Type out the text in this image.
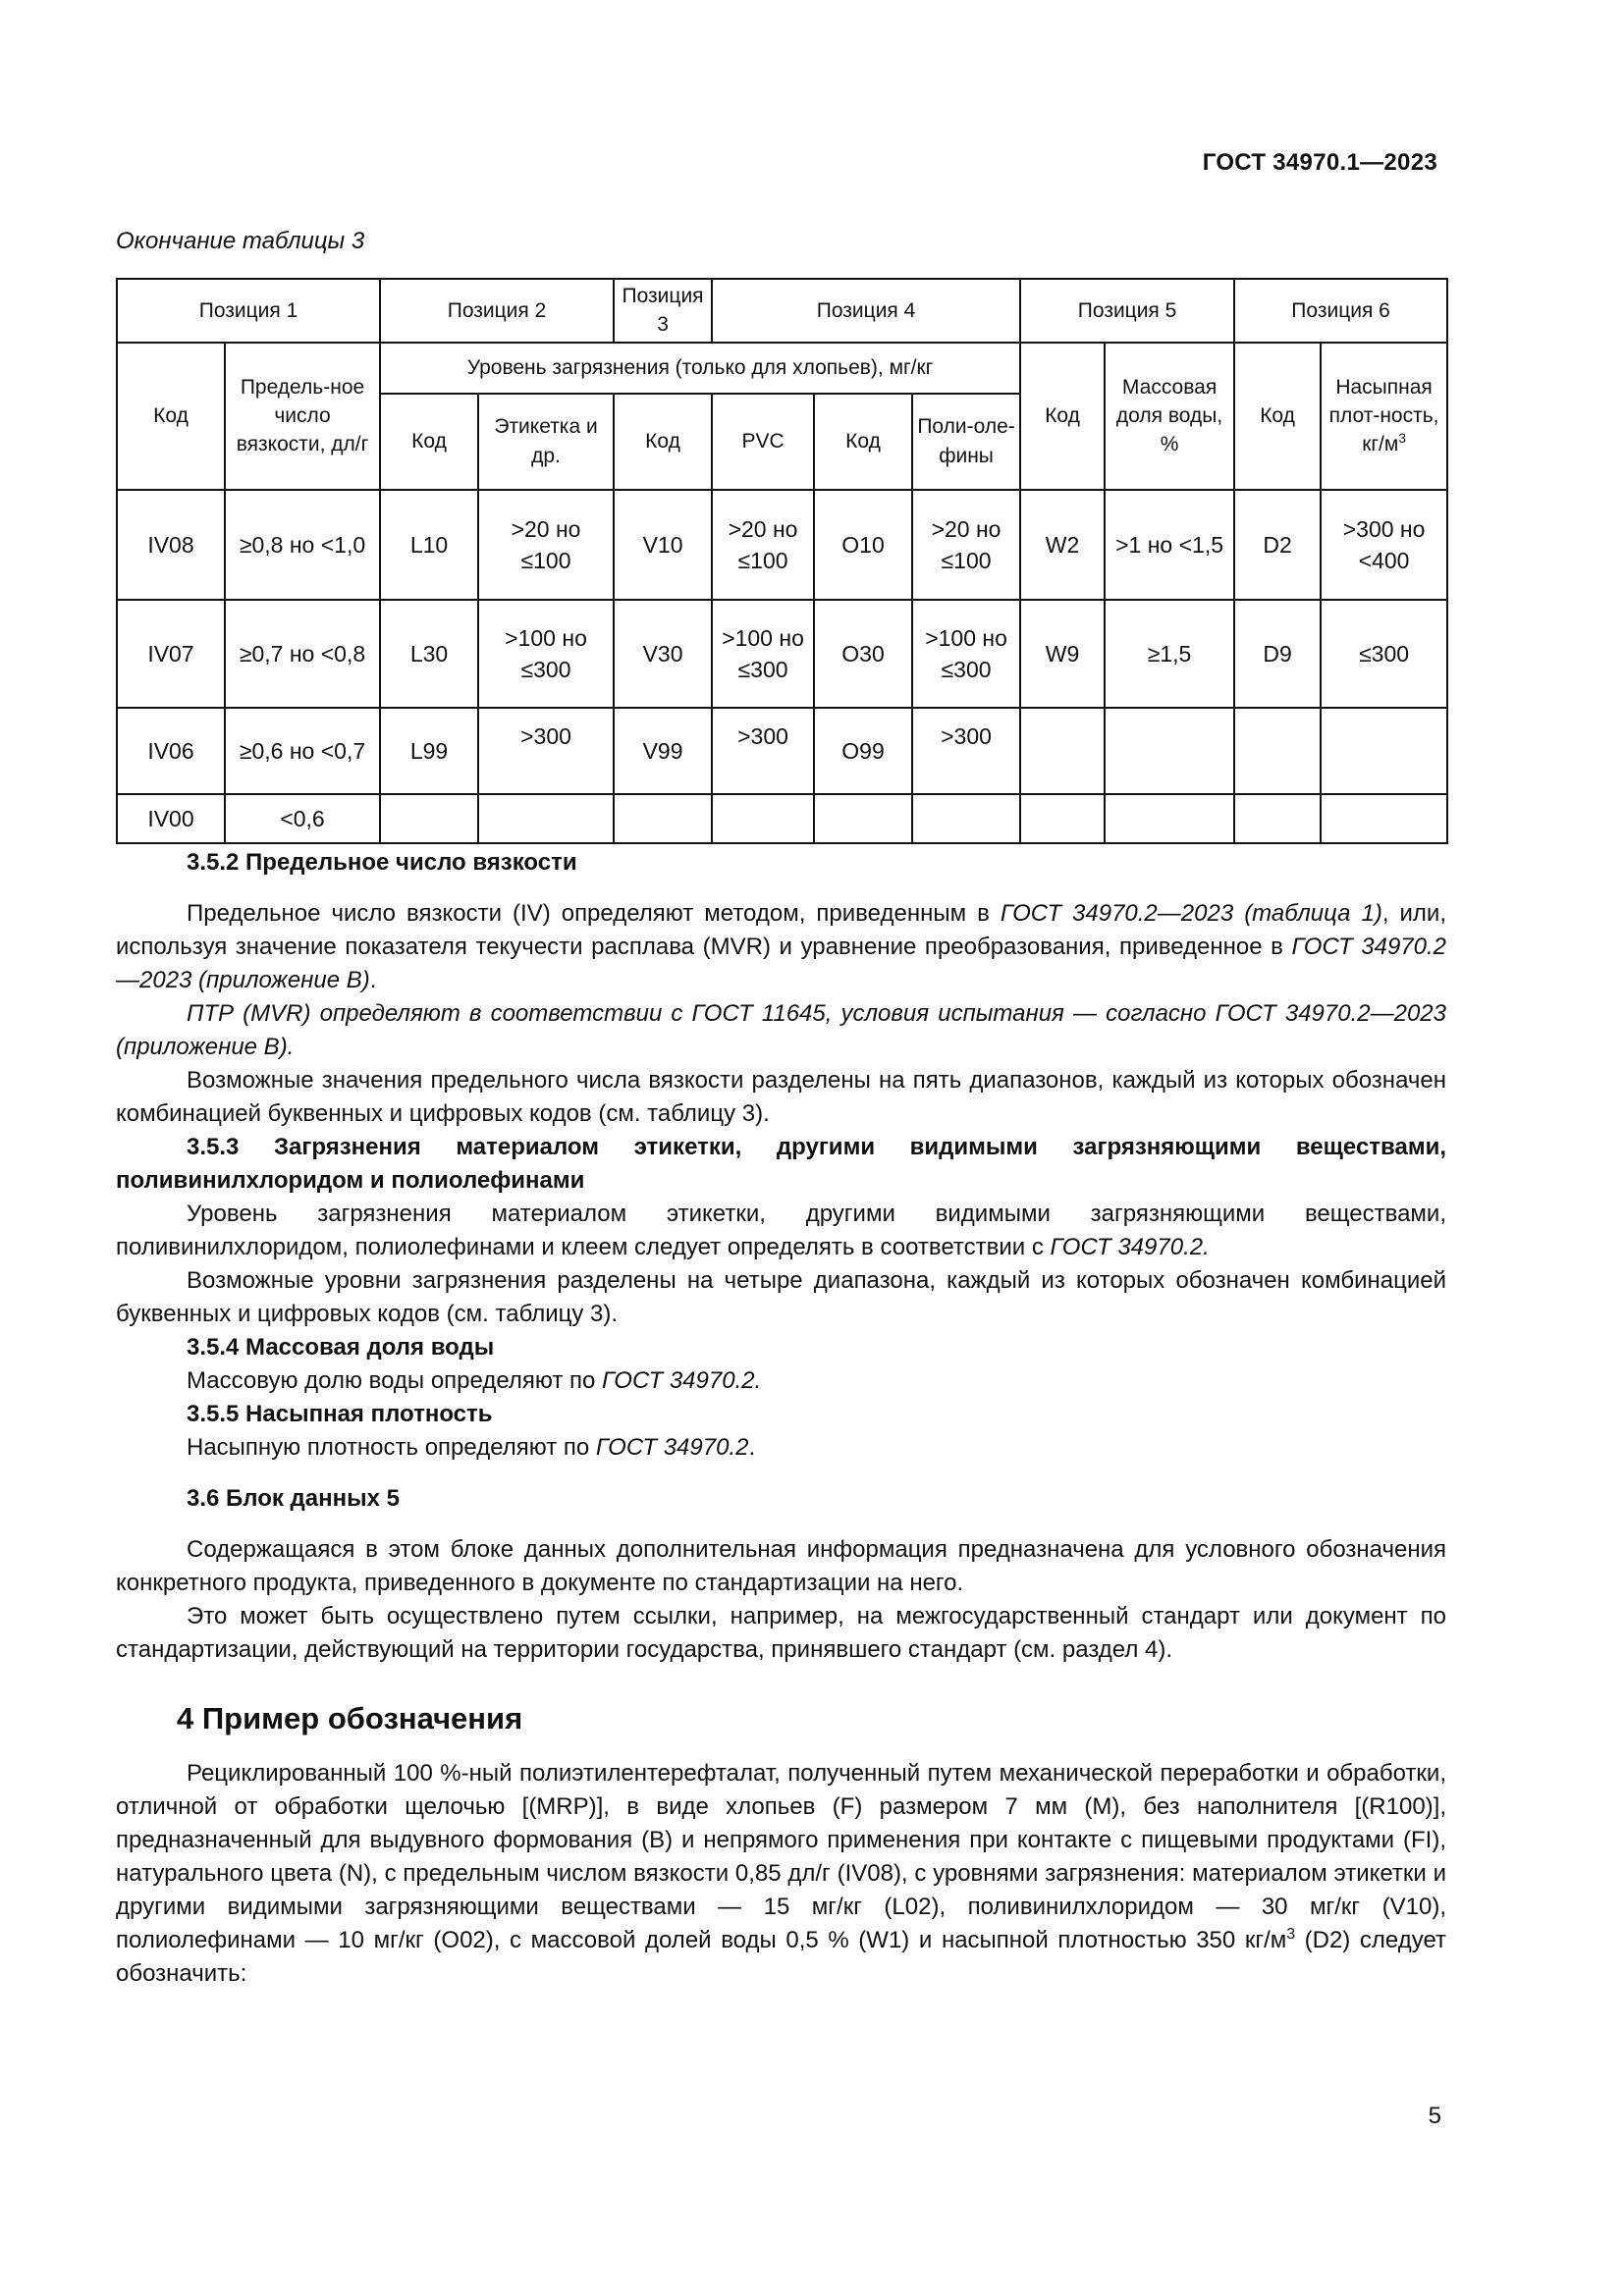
ГОСТ 34970.1—2023
Окончание таблицы 3
Позиция 1		Позиция 2		Позиция 3	Позиция 4			Позиция 5		Позиция 6	
Код	Предель-ное число вязкости, дл/г	Уровень загрязнения (только для хлопьев), мг/кг						Код	Массовая доля воды, %	Код	Насыпная плот-ность, $кг/м^3$
		Код	Этикетка и др.	Код	PVC	Код	Поли-оле-фины				
IV08	≥0,8 но <1,0	L10	>20 но ≤100	V10	>20 но ≤100	O10	>20 но ≤100	W2	>1 но <1,5	D2	>300 но <400
IV07	≥0,7 но <0,8	L30	>100 но ≤300	V30	>100 но ≤300	O30	>100 но ≤300	W9	≥1,5	D9	≤300
IV06	≥0,6 но <0,7	L99	>300	V99	>300	O99	>300				
IV00	<0,6										

3.5.2 Предельное число вязкости

Предельное число вязкости (IV) определяют методом, приведенным в ГОСТ 34970.2—2023 (таблица 1), или, используя значение показателя текучести расплава (MVR) и уравнение преобразования, приведенное в ГОСТ 34970.2—2023 (приложение В).

ПТР (MVR) определяют в соответствии с ГОСТ 11645, условия испытания — согласно ГОСТ 34970.2—2023 (приложение В).

Возможные значения предельного числа вязкости разделены на пять диапазонов, каждый из которых обозначен комбинацией буквенных и цифровых кодов (см. таблицу 3).

3.5.3 Загрязнения материалом этикетки, другими видимыми загрязняющими веществами, поливинилхлоридом и полиолефинами

Уровень загрязнения материалом этикетки, другими видимыми загрязняющими веществами, поливинилхлоридом, полиолефинами и клеем следует определять в соответствии с ГОСТ 34970.2.

Возможные уровни загрязнения разделены на четыре диапазона, каждый из которых обозначен комбинацией буквенных и цифровых кодов (см. таблицу 3).

3.5.4 Массовая доля воды

Массовую долю воды определяют по ГОСТ 34970.2.

3.5.5 Насыпная плотность

Насыпную плотность определяют по ГОСТ 34970.2.

3.6 Блок данных 5

Содержащаяся в этом блоке данных дополнительная информация предназначена для условного обозначения конкретного продукта, приведенного в документе по стандартизации на него.

Это может быть осуществлено путем ссылки, например, на межгосударственный стандарт или документ по стандартизации, действующий на территории государства, принявшего стандарт (см. раздел 4).

4 Пример обозначения

Рециклированный 100 %-ный полиэтилентерефталат, полученный путем механической переработки и обработки, отличной от обработки щелочью [(MRP)], в виде хлопьев (F) размером 7 мм (M), без наполнителя [(R100)], предназначенный для выдувного формования (B) и непрямого применения при контакте с пищевыми продуктами (FI), натурального цвета (N), с предельным числом вязкости 0,85 дл/г (IV08), с уровнями загрязнения: материалом этикетки и другими видимыми загрязняющими веществами — 15 мг/кг (L02), поливинилхлоридом — 30 мг/кг (V10), полиолефинами — 10 мг/кг (O02), с массовой долей воды 0,5 % (W1) и насыпной плотностью 350 $кг/м^3$ (D2) следует обозначить:

5
